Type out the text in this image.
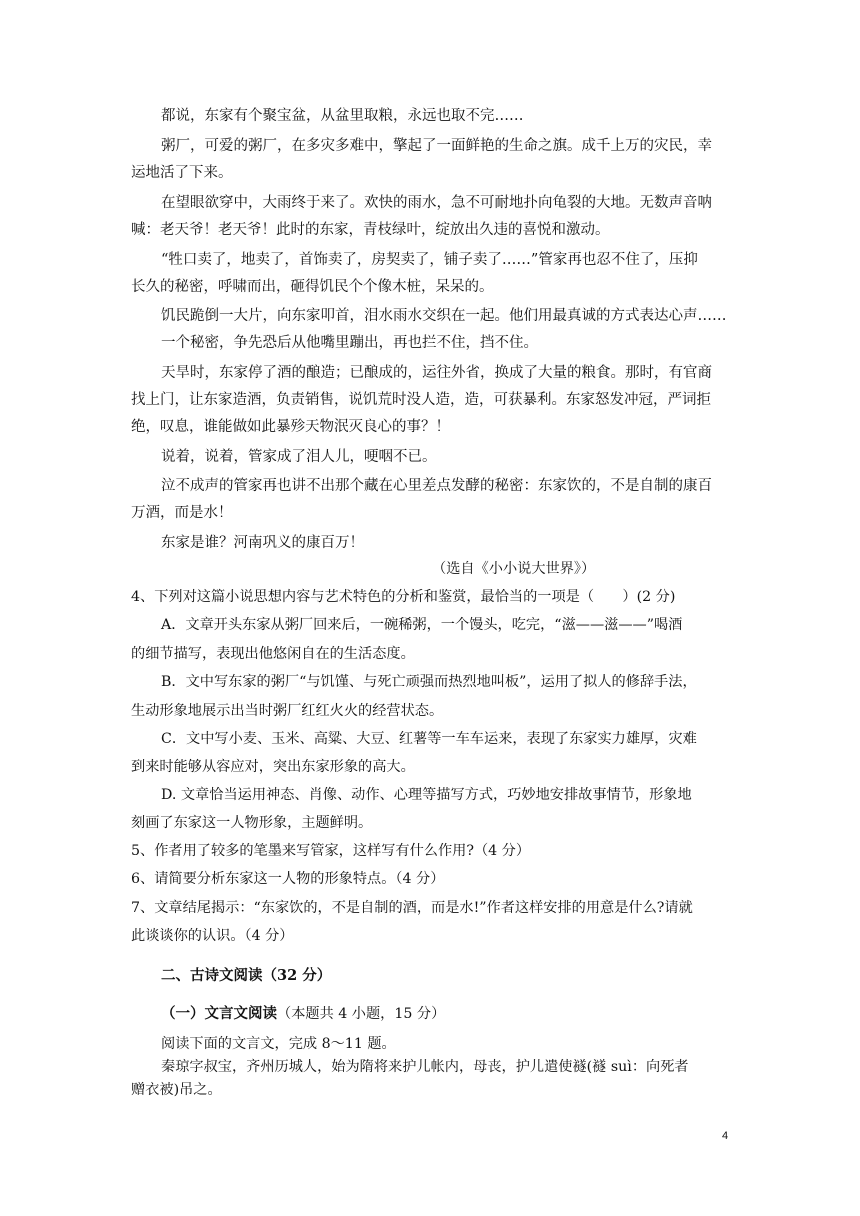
都说，东家有个聚宝盆，从盆里取粮，永远也取不完……
粥厂，可爱的粥厂，在多灾多难中，擎起了一面鲜艳的生命之旗。成千上万的灾民，幸
运地活了下来。
在望眼欲穿中，大雨终于来了。欢快的雨水，急不可耐地扑向龟裂的大地。无数声音呐
喊：老天爷！老天爷！此时的东家，青枝绿叶，绽放出久违的喜悦和激动。
“牲口卖了，地卖了，首饰卖了，房契卖了，铺子卖了……”管家再也忍不住了，压抑
长久的秘密，呼啸而出，砸得饥民个个像木桩，呆呆的。
饥民跪倒一大片，向东家叩首，泪水雨水交织在一起。他们用最真诚的方式表达心声……
一个秘密，争先恐后从他嘴里蹦出，再也拦不住，挡不住。
天旱时，东家停了酒的酿造；已酿成的，运往外省，换成了大量的粮食。那时，有官商
找上门，让东家造酒，负责销售，说饥荒时没人造，造，可获暴利。东家怒发冲冠，严词拒
绝，叹息，谁能做如此暴殄天物泯灭良心的事？！
说着，说着，管家成了泪人儿，哽咽不已。
泣不成声的管家再也讲不出那个藏在心里差点发酵的秘密：东家饮的，不是自制的康百
万酒，而是水！
东家是谁？河南巩义的康百万！
（选自《小小说大世界》）
4、下列对这篇小说思想内容与艺术特色的分析和鉴赏，最恰当的一项是（　　）(2 分)
A．文章开头东家从粥厂回来后，一碗稀粥，一个馒头，吃完，“滋——滋——”喝酒
的细节描写，表现出他悠闲自在的生活态度。
B．文中写东家的粥厂“与饥馑、与死亡顽强而热烈地叫板”，运用了拟人的修辞手法，
生动形象地展示出当时粥厂红红火火的经营状态。
C．文中写小麦、玉米、高粱、大豆、红薯等一车车运来，表现了东家实力雄厚，灾难
到来时能够从容应对，突出东家形象的高大。
D. 文章恰当运用神态、肖像、动作、心理等描写方式，巧妙地安排故事情节，形象地
刻画了东家这一人物形象，主题鲜明。
5、作者用了较多的笔墨来写管家，这样写有什么作用?（4 分）
6、请简要分析东家这一人物的形象特点。（4 分）
7、文章结尾揭示：“东家饮的，不是自制的酒，而是水!”作者这样安排的用意是什么?请就
此谈谈你的认识。（4 分）
二、古诗文阅读（32 分）
（一）文言文阅读（本题共 4 小题，15 分）
阅读下面的文言文，完成 8～11 题。
秦琼字叔宝，齐州历城人，始为隋将来护儿帐内，母丧，护儿遣使襚(襚 suì：向死者
赠衣被)吊之。
4
